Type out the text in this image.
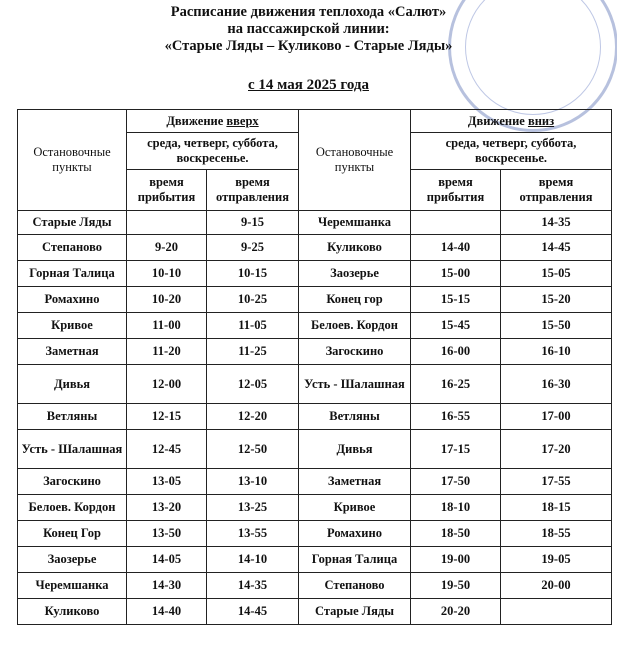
Расписание движения теплохода «Салют»
на пассажирской линии:
«Старые Ляды – Куликово - Старые Ляды»
с 14 мая 2025 года
Остановочные пункты	Движение вверх		Остановочные пункты	Движение вниз	
	среда, четверг, суббота, воскресенье.			среда, четверг, суббота, воскресенье.	
	время прибытия	время отправления		время прибытия	время отправления
Старые Ляды		9-15	Черемшанка		14-35
Степаново	9-20	9-25	Куликово	14-40	14-45
Горная Талица	10-10	10-15	Заозерье	15-00	15-05
Ромахино	10-20	10-25	Конец гор	15-15	15-20
Кривое	11-00	11-05	Белоев. Кордон	15-45	15-50
Заметная	11-20	11-25	Загоскино	16-00	16-10
Дивья	12-00	12-05	Усть - Шалашная	16-25	16-30
Ветляны	12-15	12-20	Ветляны	16-55	17-00
Усть - Шалашная	12-45	12-50	Дивья	17-15	17-20
Загоскино	13-05	13-10	Заметная	17-50	17-55
Белоев. Кордон	13-20	13-25	Кривое	18-10	18-15
Конец Гор	13-50	13-55	Ромахино	18-50	18-55
Заозерье	14-05	14-10	Горная Талица	19-00	19-05
Черемшанка	14-30	14-35	Степаново	19-50	20-00
Куликово	14-40	14-45	Старые Ляды	20-20	
